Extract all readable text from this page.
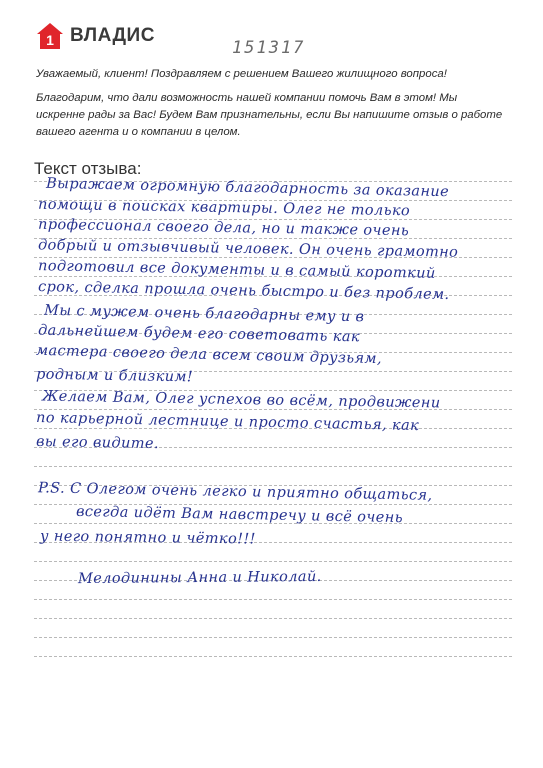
1 ВЛАДИС
151317
Уважаемый, клиент! Поздравляем с решением Вашего жилищного вопроса!
Благодарим, что дали возможность нашей компании помочь Вам в этом! Мы искренне рады за Вас! Будем Вам признательны, если Вы напишите отзыв о работе вашего агента и о компании в целом.
Текст отзыва:
Выражаем огромную благодарность за оказание
помощи в поисках квартиры. Олег не только
профессионал своего дела, но и также очень
добрый и отзывчивый человек. Он очень грамотно
подготовил все документы и в самый короткий
срок, сделка прошла очень быстро и без проблем.
Мы с мужем очень благодарны ему и в
дальнейшем будем его советовать как
мастера своего дела всем своим друзьям,
родным и близким!
Желаем Вам, Олег успехов во всём, продвижени
по карьерной лестнице и просто счастья, как
вы его видите.
P.S. С Олегом очень легко и приятно общаться,
всегда идёт Вам навстречу и всё очень
у него понятно и чётко!!!
Мелодинины Анна и Николай.
